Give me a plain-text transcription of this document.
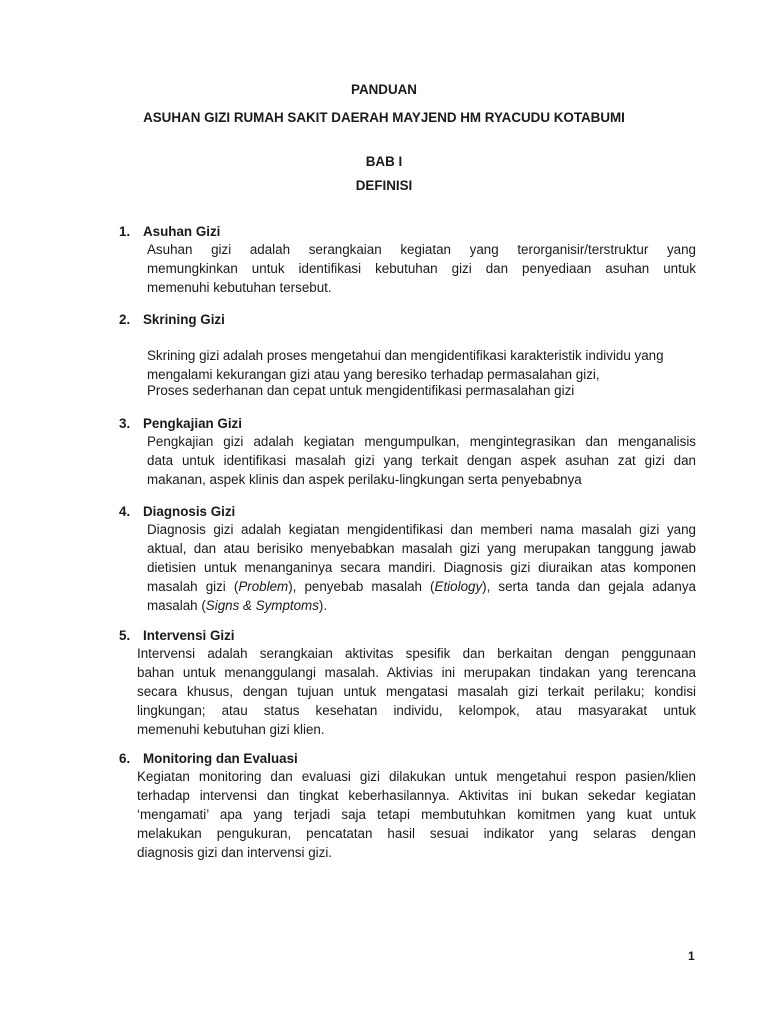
PANDUAN
ASUHAN GIZI RUMAH SAKIT DAERAH MAYJEND HM RYACUDU KOTABUMI
BAB I
DEFINISI
1. Asuhan Gizi

Asuhan gizi adalah serangkaian kegiatan yang terorganisir/terstruktur yang

memungkinkan untuk identifikasi kebutuhan gizi dan penyediaan asuhan untuk

memenuhi kebutuhan tersebut.

2. Skrining Gizi

Skrining gizi adalah proses mengetahui dan mengidentifikasi karakteristik individu yang

mengalami kekurangan gizi atau yang beresiko terhadap permasalahan gizi,

Proses sederhanan dan cepat untuk mengidentifikasi permasalahan gizi

3. Pengkajian Gizi

Pengkajian gizi adalah kegiatan mengumpulkan, mengintegrasikan dan menganalisis

data untuk identifikasi masalah gizi yang terkait dengan aspek asuhan zat gizi dan

makanan, aspek klinis dan aspek perilaku-lingkungan serta penyebabnya

4. Diagnosis Gizi

Diagnosis gizi adalah kegiatan mengidentifikasi dan memberi nama masalah gizi yang

aktual, dan atau berisiko menyebabkan masalah gizi yang merupakan tanggung jawab

dietisien untuk menanganinya secara mandiri. Diagnosis gizi diuraikan atas komponen

masalah gizi (Problem), penyebab masalah (Etiology), serta tanda dan gejala adanya

masalah (Signs & Symptoms).

5. Intervensi Gizi

Intervensi adalah serangkaian aktivitas spesifik dan berkaitan dengan penggunaan

bahan untuk menanggulangi masalah. Aktivias ini merupakan tindakan yang terencana

secara khusus, dengan tujuan untuk mengatasi masalah gizi terkait perilaku; kondisi

lingkungan; atau status kesehatan individu, kelompok, atau masyarakat untuk

memenuhi kebutuhan gizi klien.

6. Monitoring dan Evaluasi

Kegiatan monitoring dan evaluasi gizi dilakukan untuk mengetahui respon pasien/klien

terhadap intervensi dan tingkat keberhasilannya. Aktivitas ini bukan sekedar kegiatan

‘mengamati’ apa yang terjadi saja tetapi membutuhkan komitmen yang kuat untuk

melakukan pengukuran, pencatatan hasil sesuai indikator yang selaras dengan

diagnosis gizi dan intervensi gizi.

1
